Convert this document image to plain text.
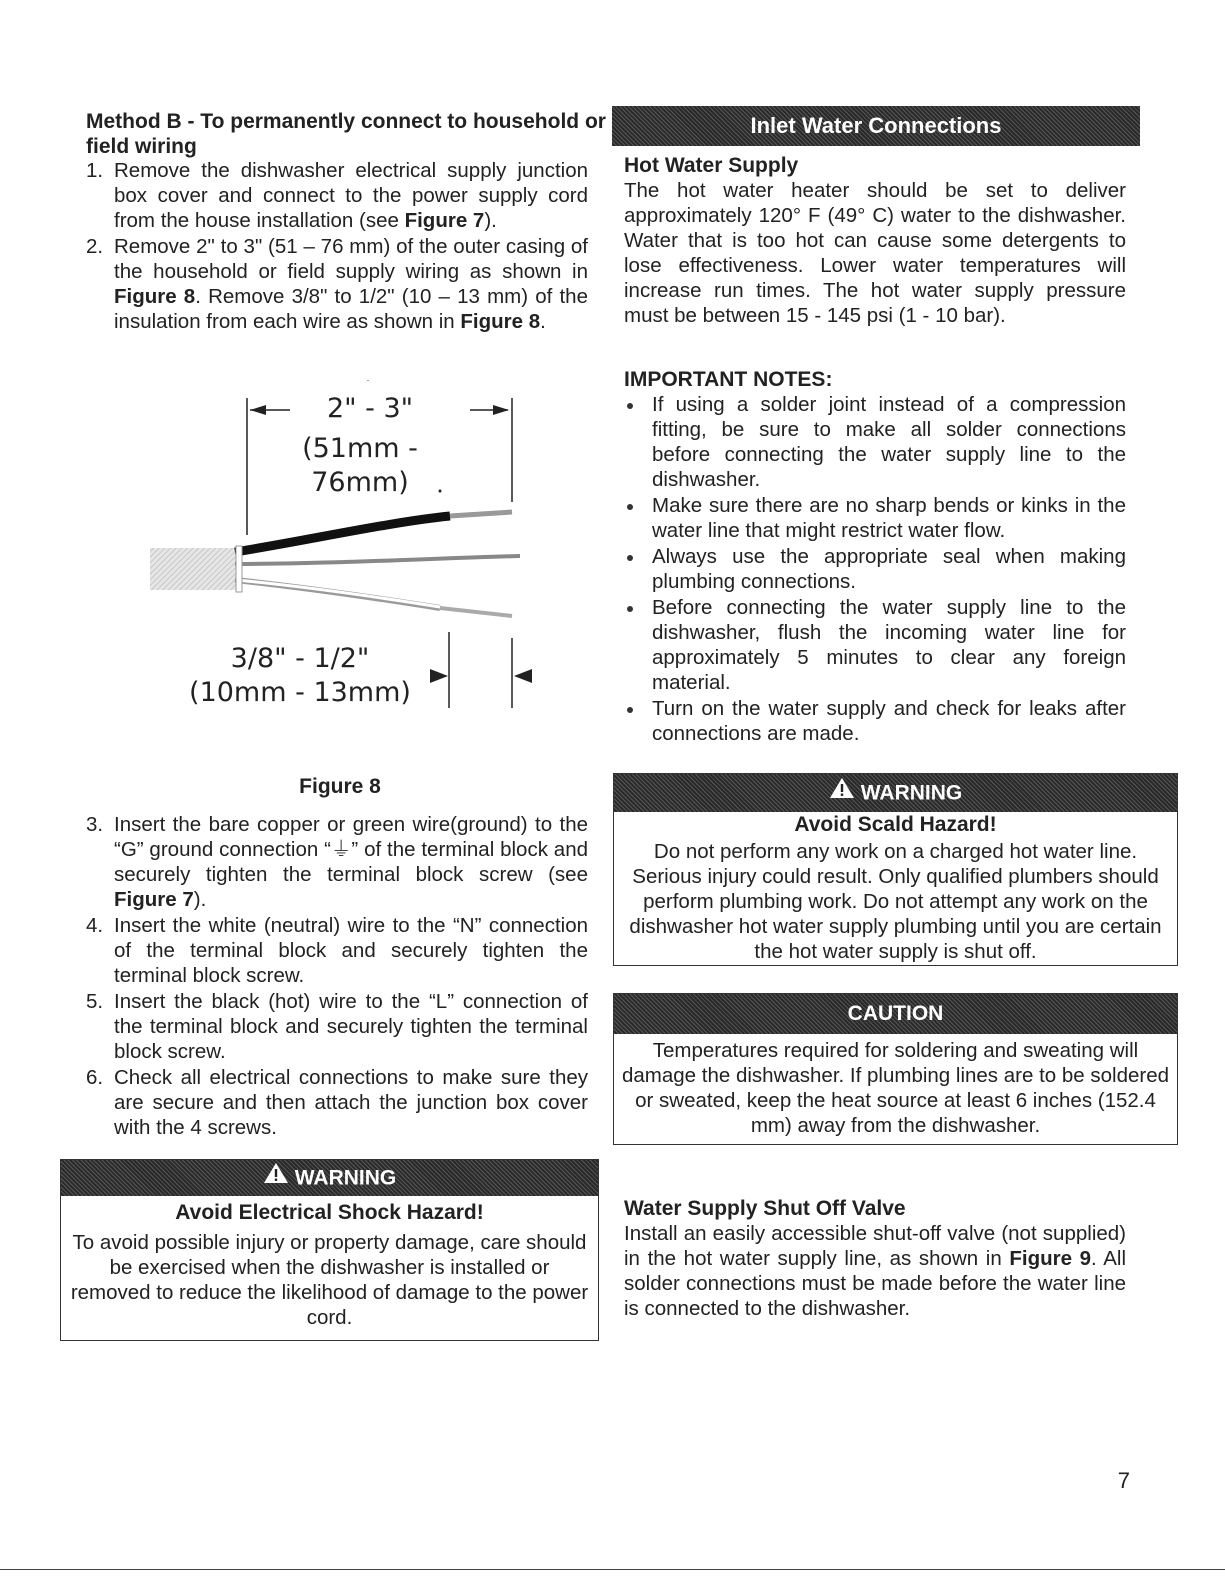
Method B - To permanently connect to household or field wiring
1. Remove the dishwasher electrical supply junction box cover and connect to the power supply cord from the house installation (see Figure 7).
2. Remove 2" to 3" (51 – 76 mm) of the outer casing of the household or field supply wiring as shown in Figure 8. Remove 3/8" to 1/2" (10 – 13 mm) of the insulation from each wire as shown in Figure 8.
2" - 3"
(51mm - 76mm)
3/8" - 1/2"
(10mm - 13mm)
Figure 8
3. Insert the bare copper or green wire(ground) to the “G” ground connection “⏚” of the terminal block and securely tighten the terminal block screw (see Figure 7).
4. Insert the white (neutral) wire to the “N” connection of the terminal block and securely tighten the terminal block screw.
5. Insert the black (hot) wire to the “L” connection of the terminal block and securely tighten the terminal block screw.
6. Check all electrical connections to make sure they are secure and then attach the junction box cover with the 4 screws.
WARNING
Avoid Electrical Shock Hazard!
To avoid possible injury or property damage, care should be exercised when the dishwasher is installed or removed to reduce the likelihood of damage to the power cord.
Inlet Water Connections
Hot Water Supply
The hot water heater should be set to deliver approximately 120° F (49° C) water to the dishwasher. Water that is too hot can cause some detergents to lose effectiveness. Lower water temperatures will increase run times. The hot water supply pressure must be between 15 - 145 psi (1 - 10 bar).
IMPORTANT NOTES:
If using a solder joint instead of a compression fitting, be sure to make all solder connections before connecting the water supply line to the dishwasher.
Make sure there are no sharp bends or kinks in the water line that might restrict water flow.
Always use the appropriate seal when making plumbing connections.
Before connecting the water supply line to the dishwasher, flush the incoming water line for approximately 5 minutes to clear any foreign material.
Turn on the water supply and check for leaks after connections are made.
WARNING
Avoid Scald Hazard!
Do not perform any work on a charged hot water line. Serious injury could result. Only qualified plumbers should perform plumbing work. Do not attempt any work on the dishwasher hot water supply plumbing until you are certain the hot water supply is shut off.
CAUTION
Temperatures required for soldering and sweating will damage the dishwasher. If plumbing lines are to be soldered or sweated, keep the heat source at least 6 inches (152.4 mm) away from the dishwasher.
Water Supply Shut Off Valve
Install an easily accessible shut-off valve (not supplied) in the hot water supply line, as shown in Figure 9. All solder connections must be made before the water line is connected to the dishwasher.
7
